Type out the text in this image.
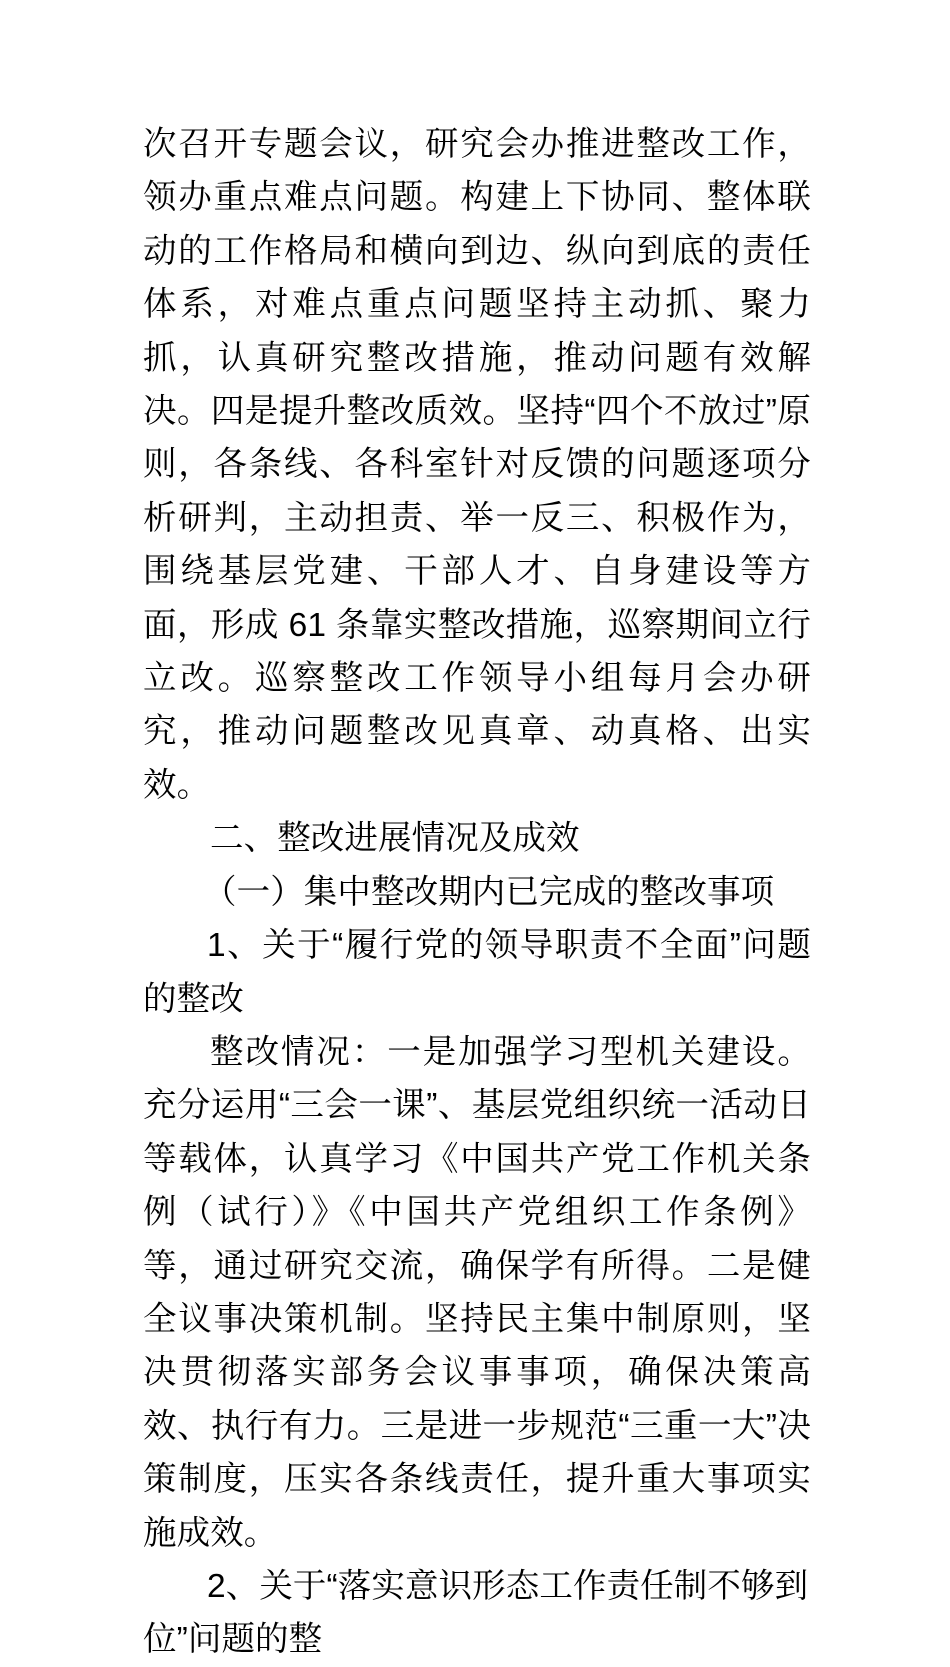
次召开专题会议，研究会办推进整改工作，领办重点难点问题。构建上下协同、整体联动的工作格局和横向到边、纵向到底的责任体系，对难点重点问题坚持主动抓、聚力抓，认真研究整改措施，推动问题有效解决。四是提升整改质效。坚持“四个不放过”原则，各条线、各科室针对反馈的问题逐项分析研判，主动担责、举一反三、积极作为，围绕基层党建、干部人才、自身建设等方面，形成 61 条靠实整改措施，巡察期间立行立改。巡察整改工作领导小组每月会办研究，推动问题整改见真章、动真格、出实效。

二、整改进展情况及成效

（一）集中整改期内已完成的整改事项

1、关于“履行党的领导职责不全面”问题的整改

整改情况：一是加强学习型机关建设。充分运用“三会一课”、基层党组织统一活动日等载体，认真学习《中国共产党工作机关条例（试行）》《中国共产党组织工作条例》等，通过研究交流，确保学有所得。二是健全议事决策机制。坚持民主集中制原则，坚决贯彻落实部务会议事事项，确保决策高效、执行有力。三是进一步规范“三重一大”决策制度，压实各条线责任，提升重大事项实施成效。

2、关于“落实意识形态工作责任制不够到位”问题的整
